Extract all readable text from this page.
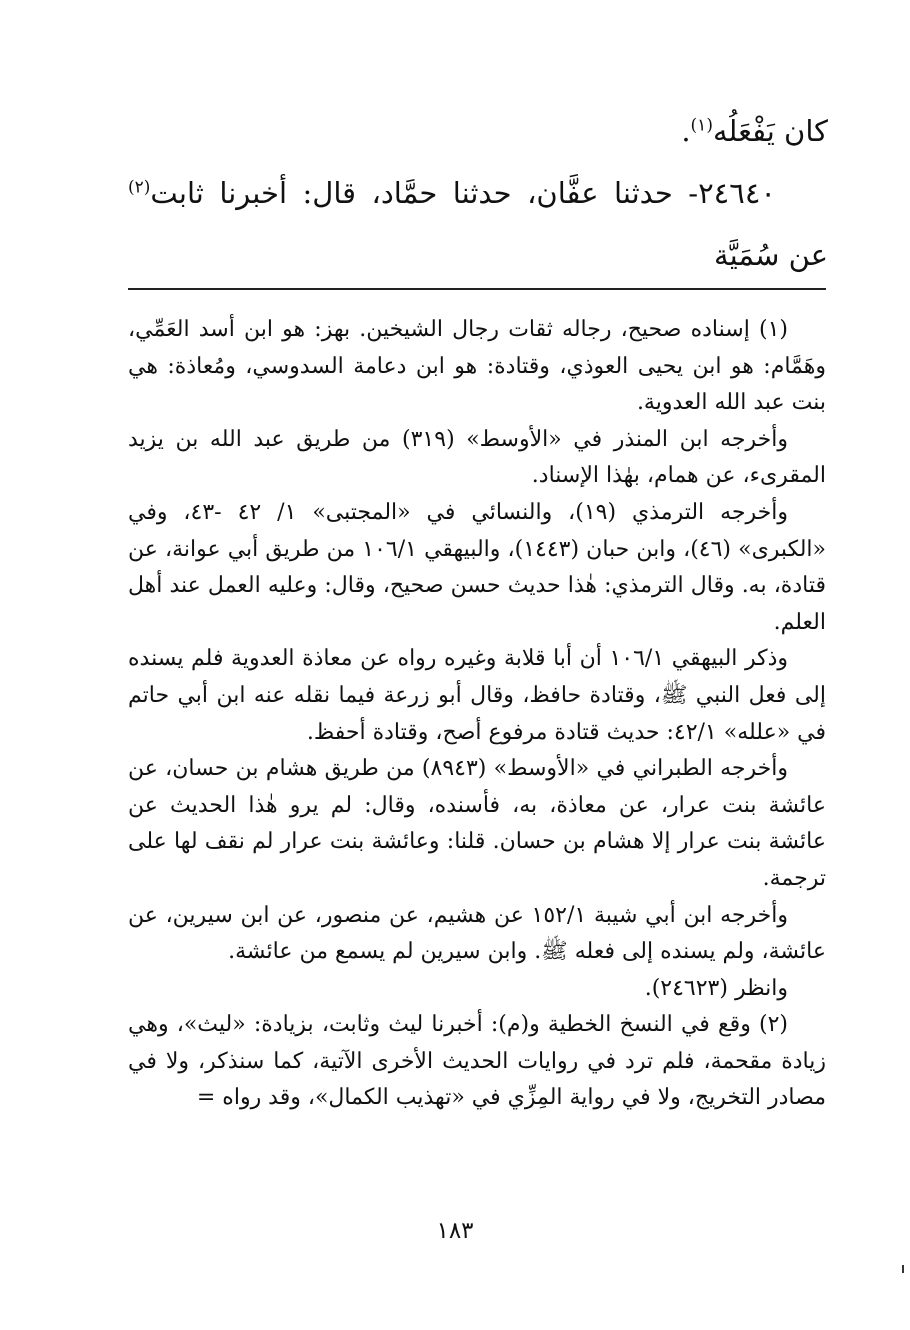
كان يَفْعَلُه$^{(١)}$.

٢٤٦٤٠- حدثنا عفَّان، حدثنا حمَّاد، قال: أخبرنا ثابت$^{(٢)}$ عن سُمَيَّة

(١) إسناده صحيح، رجاله ثقات رجال الشيخين. بهز: هو ابن أسد العَمِّي، وهَمَّام: هو ابن يحيى العوذي، وقتادة: هو ابن دعامة السدوسي، ومُعاذة: هي بنت عبد الله العدوية.

وأخرجه ابن المنذر في «الأوسط» (٣١٩) من طريق عبد الله بن يزيد المقرىء، عن همام، بهٰذا الإسناد.

وأخرجه الترمذي (١٩)، والنسائي في «المجتبى» ١/ ٤٢ -٤٣، وفي «الكبرى» (٤٦)، وابن حبان (١٤٤٣)، والبيهقي ١٠٦/١ من طريق أبي عوانة، عن قتادة، به. وقال الترمذي: هٰذا حديث حسن صحيح، وقال: وعليه العمل عند أهل العلم.

وذكر البيهقي ١٠٦/١ أن أبا قلابة وغيره رواه عن معاذة العدوية فلم يسنده إلى فعل النبي ﷺ، وقتادة حافظ، وقال أبو زرعة فيما نقله عنه ابن أبي حاتم في «علله» ٤٢/١: حديث قتادة مرفوع أصح، وقتادة أحفظ.

وأخرجه الطبراني في «الأوسط» (٨٩٤٣) من طريق هشام بن حسان، عن عائشة بنت عرار، عن معاذة، به، فأسنده، وقال: لم يرو هٰذا الحديث عن عائشة بنت عرار إلا هشام بن حسان. قلنا: وعائشة بنت عرار لم نقف لها على ترجمة.

وأخرجه ابن أبي شيبة ١٥٢/١ عن هشيم، عن منصور، عن ابن سيرين، عن عائشة، ولم يسنده إلى فعله ﷺ. وابن سيرين لم يسمع من عائشة.

وانظر (٢٤٦٢٣).

(٢) وقع في النسخ الخطية و(م): أخبرنا ليث وثابت، بزيادة: «ليث»، وهي زيادة مقحمة، فلم ترد في روايات الحديث الأخرى الآتية، كما سنذكر، ولا في مصادر التخريج، ولا في رواية المِزِّي في «تهذيب الكمال»، وقد رواه =

١٨٣
